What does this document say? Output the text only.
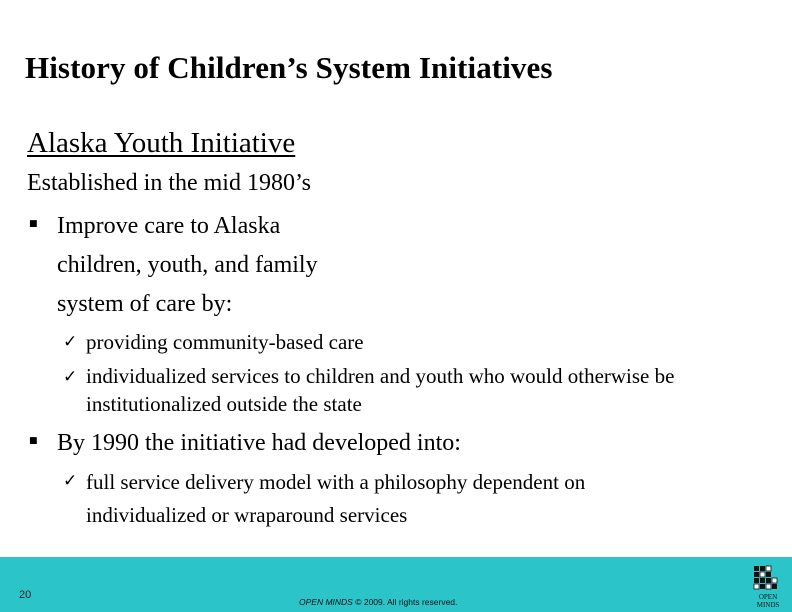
History of Children’s System Initiatives
Alaska Youth Initiative
Established in the mid 1980’s
■ Improve care to Alaska
children, youth, and family
system of care by:
✓ providing community-based care
✓ individualized services to children and youth who would otherwise be
institutionalized outside the state
■ By 1990 the initiative had developed into:
✓ full service delivery model with a philosophy dependent on
individualized or wraparound services
20
OPEN MINDS © 2009. All rights reserved.	OPEN
MINDS
